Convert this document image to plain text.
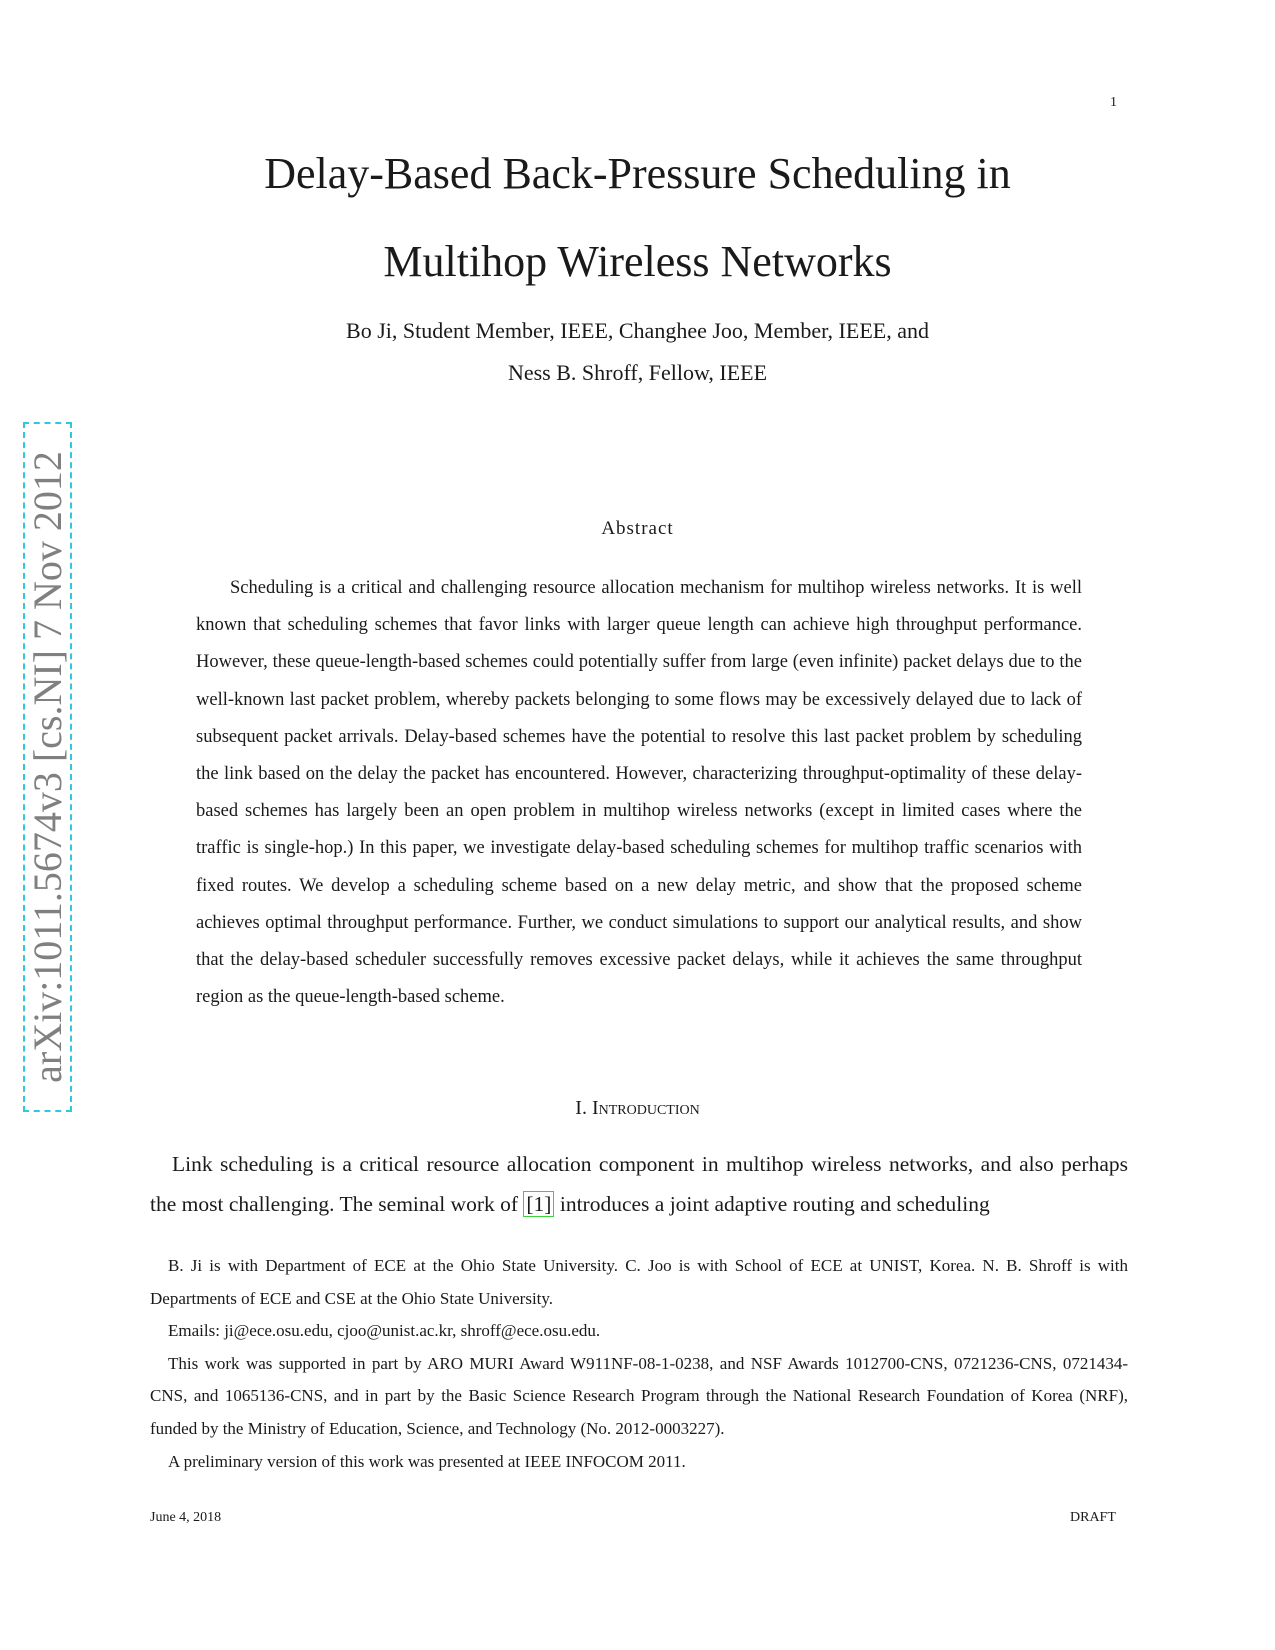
1
Delay-Based Back-Pressure Scheduling in
Multihop Wireless Networks
Bo Ji, Student Member, IEEE, Changhee Joo, Member, IEEE, and
Ness B. Shroff, Fellow, IEEE
arXiv:1011.5674v3 [cs.NI] 7 Nov 2012	Abstract
Scheduling is a critical and challenging resource allocation mechanism for multihop wireless networks. It is well known that scheduling schemes that favor links with larger queue length can achieve high throughput performance. However, these queue-length-based schemes could potentially suffer from large (even infinite) packet delays due to the well-known last packet problem, whereby packets belonging to some flows may be excessively delayed due to lack of subsequent packet arrivals. Delay-based schemes have the potential to resolve this last packet problem by scheduling the link based on the delay the packet has encountered. However, characterizing throughput-optimality of these delay-based schemes has largely been an open problem in multihop wireless networks (except in limited cases where the traffic is single-hop.) In this paper, we investigate delay-based scheduling schemes for multihop traffic scenarios with fixed routes. We develop a scheduling scheme based on a new delay metric, and show that the proposed scheme achieves optimal throughput performance. Further, we conduct simulations to support our analytical results, and show that the delay-based scheduler successfully removes excessive packet delays, while it achieves the same throughput region as the queue-length-based scheme.
I. Introduction
Link scheduling is a critical resource allocation component in multihop wireless networks, and also perhaps the most challenging. The seminal work of [1] introduces a joint adaptive routing and scheduling

B. Ji is with Department of ECE at the Ohio State University. C. Joo is with School of ECE at UNIST, Korea. N. B. Shroff is with Departments of ECE and CSE at the Ohio State University.

Emails: ji@ece.osu.edu, cjoo@unist.ac.kr, shroff@ece.osu.edu.

This work was supported in part by ARO MURI Award W911NF-08-1-0238, and NSF Awards 1012700-CNS, 0721236-CNS, 0721434-CNS, and 1065136-CNS, and in part by the Basic Science Research Program through the National Research Foundation of Korea (NRF), funded by the Ministry of Education, Science, and Technology (No. 2012-0003227).

A preliminary version of this work was presented at IEEE INFOCOM 2011.

June 4, 2018	DRAFT
